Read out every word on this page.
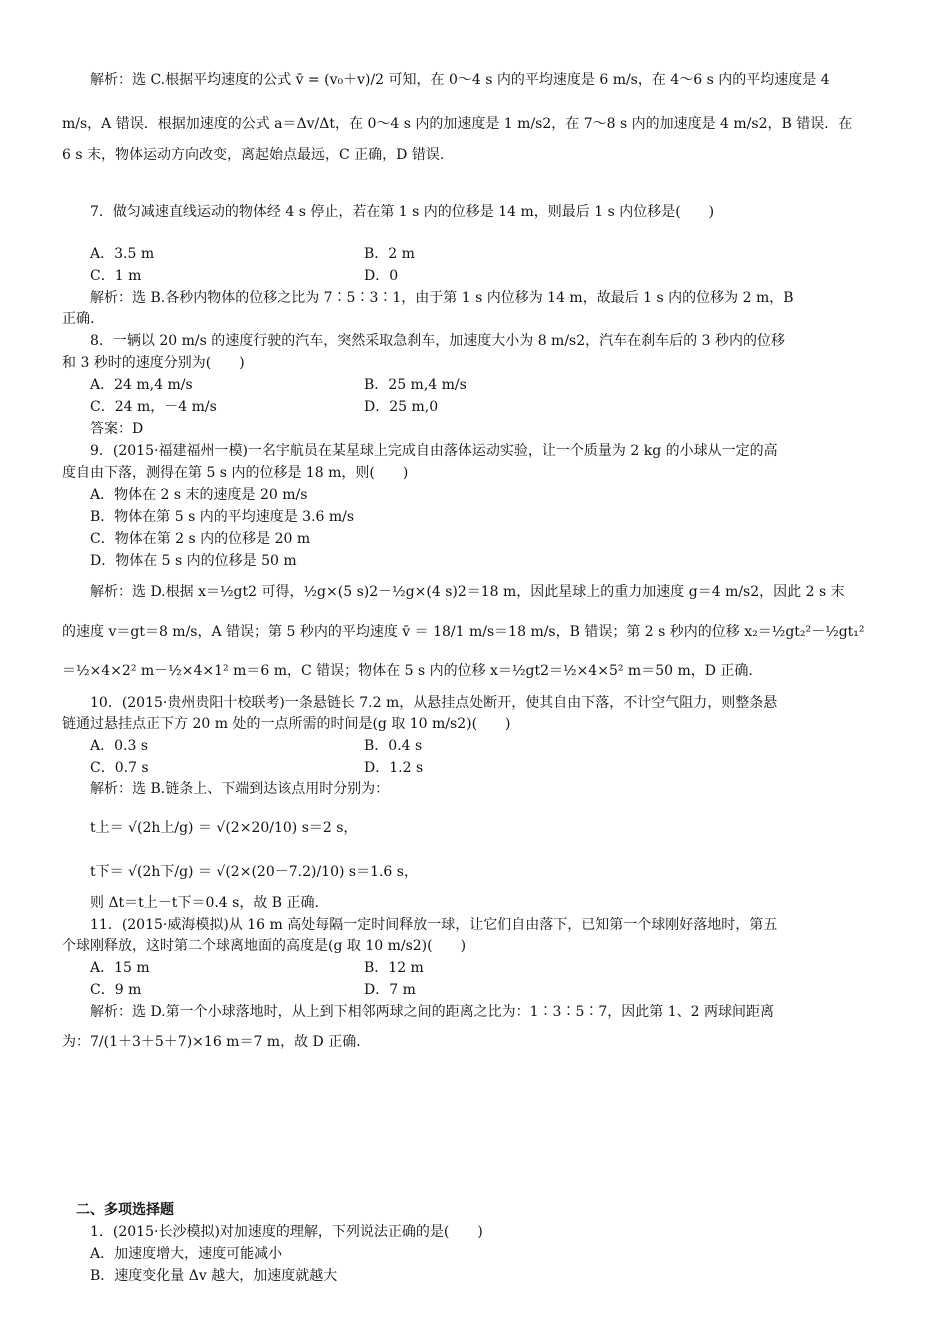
解析：选 C.根据平均速度的公式 v̄ = (v₀＋v)/2 可知，在 0～4 s 内的平均速度是 6 m/s，在 4～6 s 内的平均速度是 4
m/s，A 错误．根据加速度的公式 a＝Δv/Δt，在 0～4 s 内的加速度是 1 m/s2，在 7～8 s 内的加速度是 4 m/s2，B 错误．在
6 s 末，物体运动方向改变，离起始点最远，C 正确，D 错误.
7．做匀减速直线运动的物体经 4 s 停止，若在第 1 s 内的位移是 14 m，则最后 1 s 内位移是(　　)
A．3.5 m	B．2 m
C．1 m	D．0
解析：选 B.各秒内物体的位移之比为 7∶5∶3∶1，由于第 1 s 内位移为 14 m，故最后 1 s 内的位移为 2 m，B
正确.
8．一辆以 20 m/s 的速度行驶的汽车，突然采取急刹车，加速度大小为 8 m/s2，汽车在刹车后的 3 秒内的位移
和 3 秒时的速度分别为(　　)
A．24 m,4 m/s	B．25 m,4 m/s
C．24 m，－4 m/s	D．25 m,0
答案：D
9．(2015·福建福州一模)一名宇航员在某星球上完成自由落体运动实验，让一个质量为 2 kg 的小球从一定的高
度自由下落，测得在第 5 s 内的位移是 18 m，则(　　)
A．物体在 2 s 末的速度是 20 m/s
B．物体在第 5 s 内的平均速度是 3.6 m/s
C．物体在第 2 s 内的位移是 20 m
D．物体在 5 s 内的位移是 50 m
解析：选 D.根据 x＝½gt2 可得，½g×(5 s)2－½g×(4 s)2＝18 m，因此星球上的重力加速度 g＝4 m/s2，因此 2 s 末
的速度 v＝gt＝8 m/s，A 错误；第 5 秒内的平均速度 v̄ ＝ 18/1 m/s＝18 m/s，B 错误；第 2 s 秒内的位移 x₂＝½gt₂²－½gt₁²
＝½×4×2² m－½×4×1² m＝6 m，C 错误；物体在 5 s 内的位移 x＝½gt2＝½×4×5² m＝50 m，D 正确.
10．(2015·贵州贵阳十校联考)一条悬链长 7.2 m，从悬挂点处断开，使其自由下落，不计空气阻力，则整条悬
链通过悬挂点正下方 20 m 处的一点所需的时间是(g 取 10 m/s2)(　　)
A．0.3 s	B．0.4 s
C．0.7 s	D．1.2 s
解析：选 B.链条上、下端到达该点用时分别为：
t上＝ √(2h上/g) ＝ √(2×20/10) s＝2 s，
t下＝ √(2h下/g) ＝ √(2×(20－7.2)/10) s＝1.6 s，
则 Δt＝t上－t下＝0.4 s，故 B 正确.
11．(2015·威海模拟)从 16 m 高处每隔一定时间释放一球，让它们自由落下，已知第一个球刚好落地时，第五
个球刚释放，这时第二个球离地面的高度是(g 取 10 m/s2)(　　)
A．15 m	B．12 m
C．9 m	D．7 m
解析：选 D.第一个小球落地时，从上到下相邻两球之间的距离之比为：1∶3∶5∶7，因此第 1、2 两球间距离
为：7/(1＋3＋5＋7)×16 m＝7 m，故 D 正确.
二、多项选择题
1．(2015·长沙模拟)对加速度的理解，下列说法正确的是(　　)
A．加速度增大，速度可能减小
B．速度变化量 Δv 越大，加速度就越大
